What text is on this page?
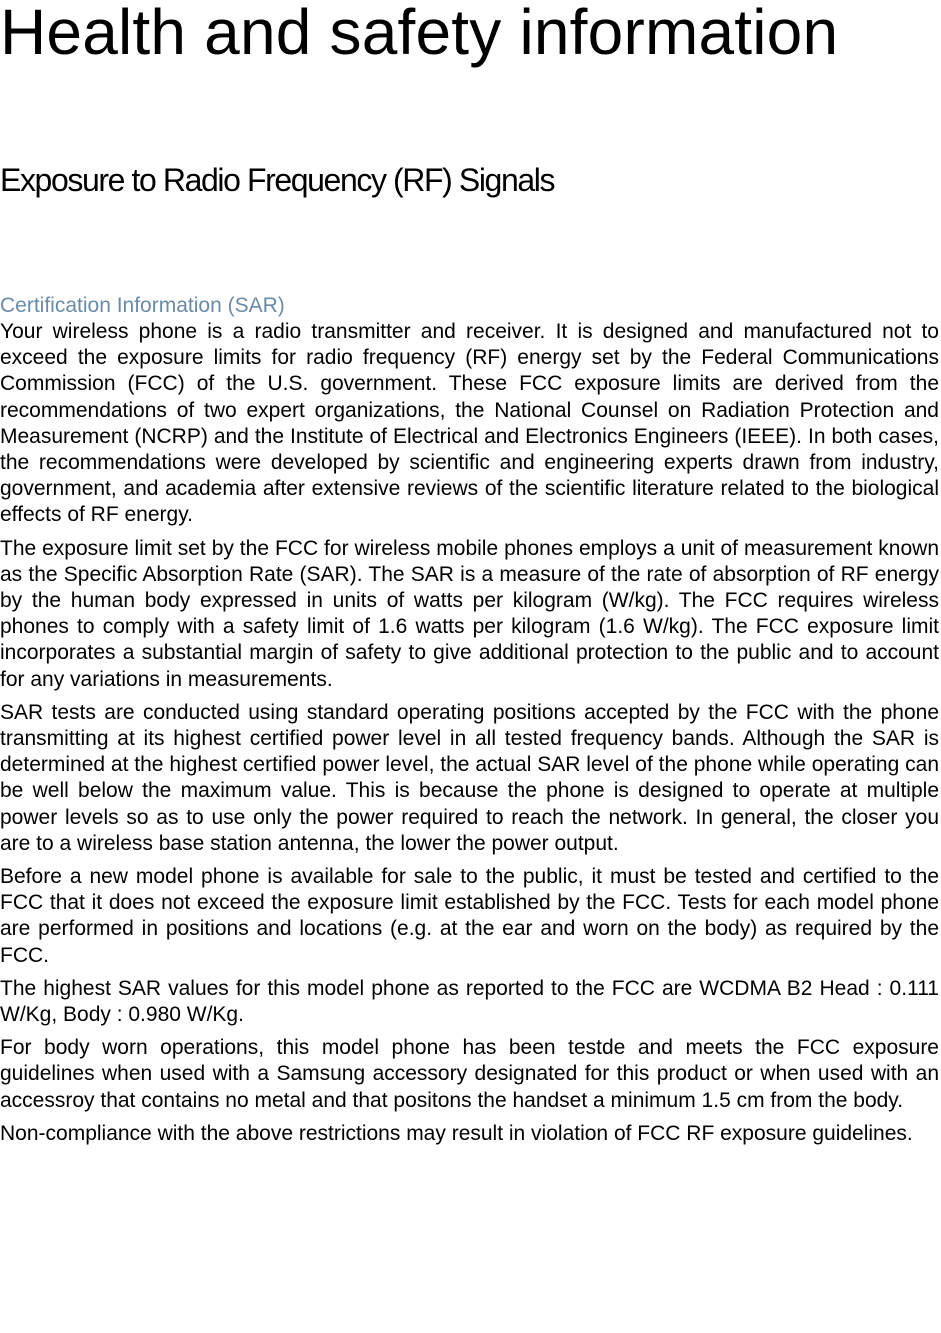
Health and safety information
Exposure to Radio Frequency (RF) Signals
Certification Information (SAR)

Your wireless phone is a radio transmitter and receiver. It is designed and manufactured not to exceed the exposure limits for radio frequency (RF) energy set by the Federal Communications Commission (FCC) of the U.S. government. These FCC exposure limits are derived from the recommendations of two expert organizations, the National Counsel on Radiation Protection and Measurement (NCRP) and the Institute of Electrical and Electronics Engineers (IEEE). In both cases, the recommendations were developed by scientific and engineering experts drawn from industry, government, and academia after extensive reviews of the scientific literature related to the biological effects of RF energy.

The exposure limit set by the FCC for wireless mobile phones employs a unit of measurement known as the Specific Absorption Rate (SAR). The SAR is a measure of the rate of absorption of RF energy by the human body expressed in units of watts per kilogram (W/kg). The FCC requires wireless phones to comply with a safety limit of 1.6 watts per kilogram (1.6 W/kg). The FCC exposure limit incorporates a substantial margin of safety to give additional protection to the public and to account for any variations in measurements.

SAR tests are conducted using standard operating positions accepted by the FCC with the phone transmitting at its highest certified power level in all tested frequency bands. Although the SAR is determined at the highest certified power level, the actual SAR level of the phone while operating can be well below the maximum value. This is because the phone is designed to operate at multiple power levels so as to use only the power required to reach the network. In general, the closer you are to a wireless base station antenna, the lower the power output.

Before a new model phone is available for sale to the public, it must be tested and certified to the FCC that it does not exceed the exposure limit established by the FCC. Tests for each model phone are performed in positions and locations (e.g. at the ear and worn on the body) as required by the FCC.

The highest SAR values for this model phone as reported to the FCC are WCDMA B2 Head : 0.111 W/Kg, Body : 0.980 W/Kg.

For body worn operations, this model phone has been testde and meets the FCC exposure guidelines when used with a Samsung accessory designated for this product or when used with an accessroy that contains no metal and that positons the handset a minimum 1.5 cm from the body.

Non-compliance with the above restrictions may result in violation of FCC RF exposure guidelines.
